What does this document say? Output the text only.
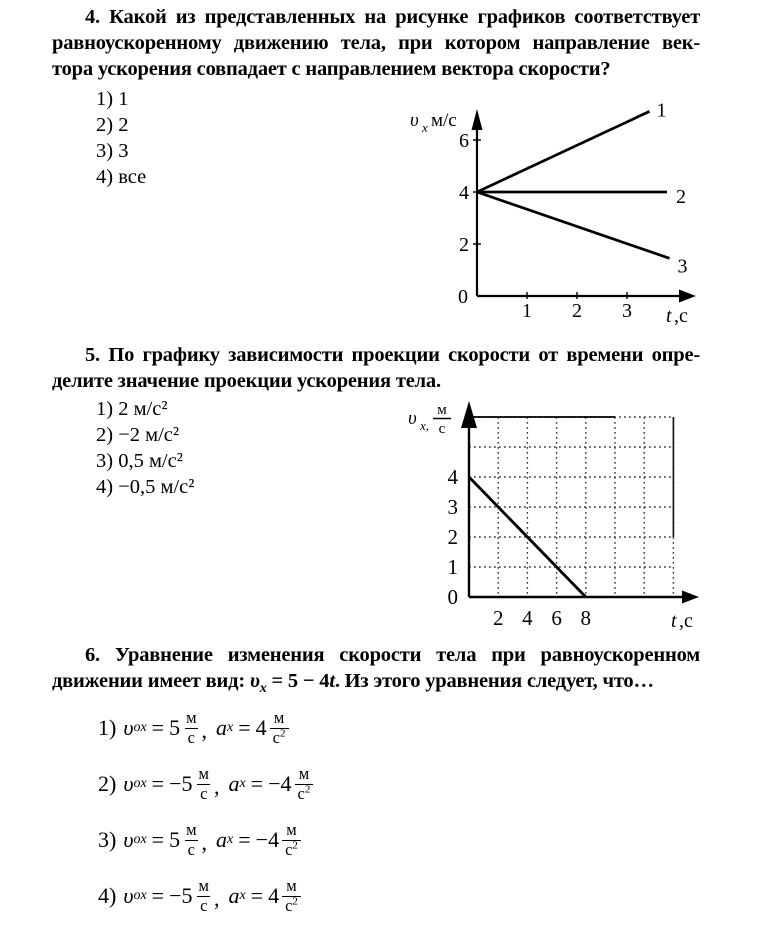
4. Какой из представленных на рисунке графиков соответствует
равноускоренному движению тела, при котором направление век-
тора ускорения совпадает с направлением вектора скорости?
1) 1
2) 2
3) 3
4) все
υ x м/с
t ,с
1 2 3
6
4
2
0
1
2
3
5. По графику зависимости проекции скорости от времени опре-
делите значение проекции ускорения тела.
1) 2 м/с²
2) −2 м/с²
3) 0,5 м/с²
4) −0,5 м/с²
υ x,
м
с
t ,с
2 4 6 8
4
3
2
1
0
6. Уравнение изменения скорости тела при равноускоренном
движении имеет вид: $\upsilon_x = 5 - 4t$. Из этого уравнения следует, что…
1) υ ox = $5 \frac{м}{с}$ , a $x = 4 \frac{м}{с^2}$
2) υ ox = $-5 \frac{м}{с}$ , a $x = -4 \frac{м}{с^2}$
3) υ ox = $5 \frac{м}{с}$ , a $x = -4 \frac{м}{с^2}$
4) υ ox = $-5 \frac{м}{с}$ , a $x = 4 \frac{м}{с^2}$
